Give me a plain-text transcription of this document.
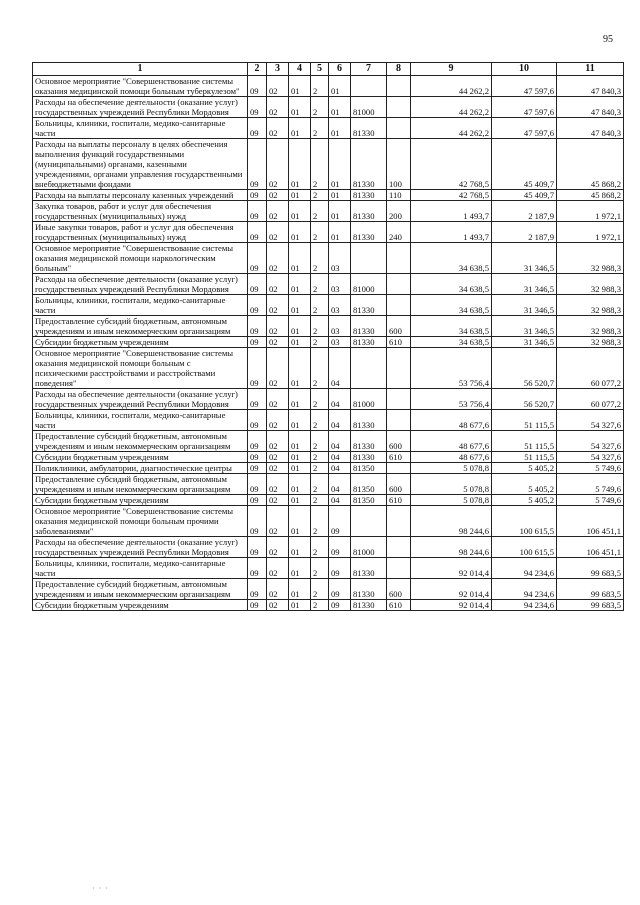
95
1	2	3	4	5	6	7	8	9	10	11
Основное мероприятие "Совершенствование системы оказания медицинской помощи больным туберкулезом"	09	02	01	2	01			44 262,2	47 597,6	47 840,3
Расходы на обеспечение деятельности (оказание услуг) государственных учреждений Республики Мордовия	09	02	01	2	01	81000		44 262,2	47 597,6	47 840,3
Больницы, клиники, госпитали, медико-санитарные части	09	02	01	2	01	81330		44 262,2	47 597,6	47 840,3
Расходы на выплаты персоналу в целях обеспечения выполнения функций государственными (муниципальными) органами, казенными учреждениями, органами управления государственными внебюджетными фондами	09	02	01	2	01	81330	100	42 768,5	45 409,7	45 868,2
Расходы на выплаты персоналу казенных учреждений	09	02	01	2	01	81330	110	42 768,5	45 409,7	45 868,2
Закупка товаров, работ и услуг для обеспечения государственных (муниципальных) нужд	09	02	01	2	01	81330	200	1 493,7	2 187,9	1 972,1
Иные закупки товаров, работ и услуг для обеспечения государственных (муниципальных) нужд	09	02	01	2	01	81330	240	1 493,7	2 187,9	1 972,1
Основное мероприятие "Совершенствование системы оказания медицинской помощи наркологическим больным"	09	02	01	2	03			34 638,5	31 346,5	32 988,3
Расходы на обеспечение деятельности (оказание услуг) государственных учреждений Республики Мордовия	09	02	01	2	03	81000		34 638,5	31 346,5	32 988,3
Больницы, клиники, госпитали, медико-санитарные части	09	02	01	2	03	81330		34 638,5	31 346,5	32 988,3
Предоставление субсидий бюджетным, автономным учреждениям и иным некоммерческим организациям	09	02	01	2	03	81330	600	34 638,5	31 346,5	32 988,3
Субсидии бюджетным учреждениям	09	02	01	2	03	81330	610	34 638,5	31 346,5	32 988,3
Основное мероприятие "Совершенствование системы оказания медицинской помощи больным с психическими расстройствами и расстройствами поведения"	09	02	01	2	04			53 756,4	56 520,7	60 077,2
Расходы на обеспечение деятельности (оказание услуг) государственных учреждений Республики Мордовия	09	02	01	2	04	81000		53 756,4	56 520,7	60 077,2
Больницы, клиники, госпитали, медико-санитарные части	09	02	01	2	04	81330		48 677,6	51 115,5	54 327,6
Предоставление субсидий бюджетным, автономным учреждениям и иным некоммерческим организациям	09	02	01	2	04	81330	600	48 677,6	51 115,5	54 327,6
Субсидии бюджетным учреждениям	09	02	01	2	04	81330	610	48 677,6	51 115,5	54 327,6
Поликлиники, амбулатории, диагностические центры	09	02	01	2	04	81350		5 078,8	5 405,2	5 749,6
Предоставление субсидий бюджетным, автономным учреждениям и иным некоммерческим организациям	09	02	01	2	04	81350	600	5 078,8	5 405,2	5 749,6
Субсидии бюджетным учреждениям	09	02	01	2	04	81350	610	5 078,8	5 405,2	5 749,6
Основное мероприятие "Совершенствование системы оказания медицинской помощи больным прочими заболеваниями"	09	02	01	2	09			98 244,6	100 615,5	106 451,1
Расходы на обеспечение деятельности (оказание услуг) государственных учреждений Республики Мордовия	09	02	01	2	09	81000		98 244,6	100 615,5	106 451,1
Больницы, клиники, госпитали, медико-санитарные части	09	02	01	2	09	81330		92 014,4	94 234,6	99 683,5
Предоставление субсидий бюджетным, автономным учреждениям и иным некоммерческим организациям	09	02	01	2	09	81330	600	92 014,4	94 234,6	99 683,5
Субсидии бюджетным учреждениям	09	02	01	2	09	81330	610	92 014,4	94 234,6	99 683,5
· · ·
